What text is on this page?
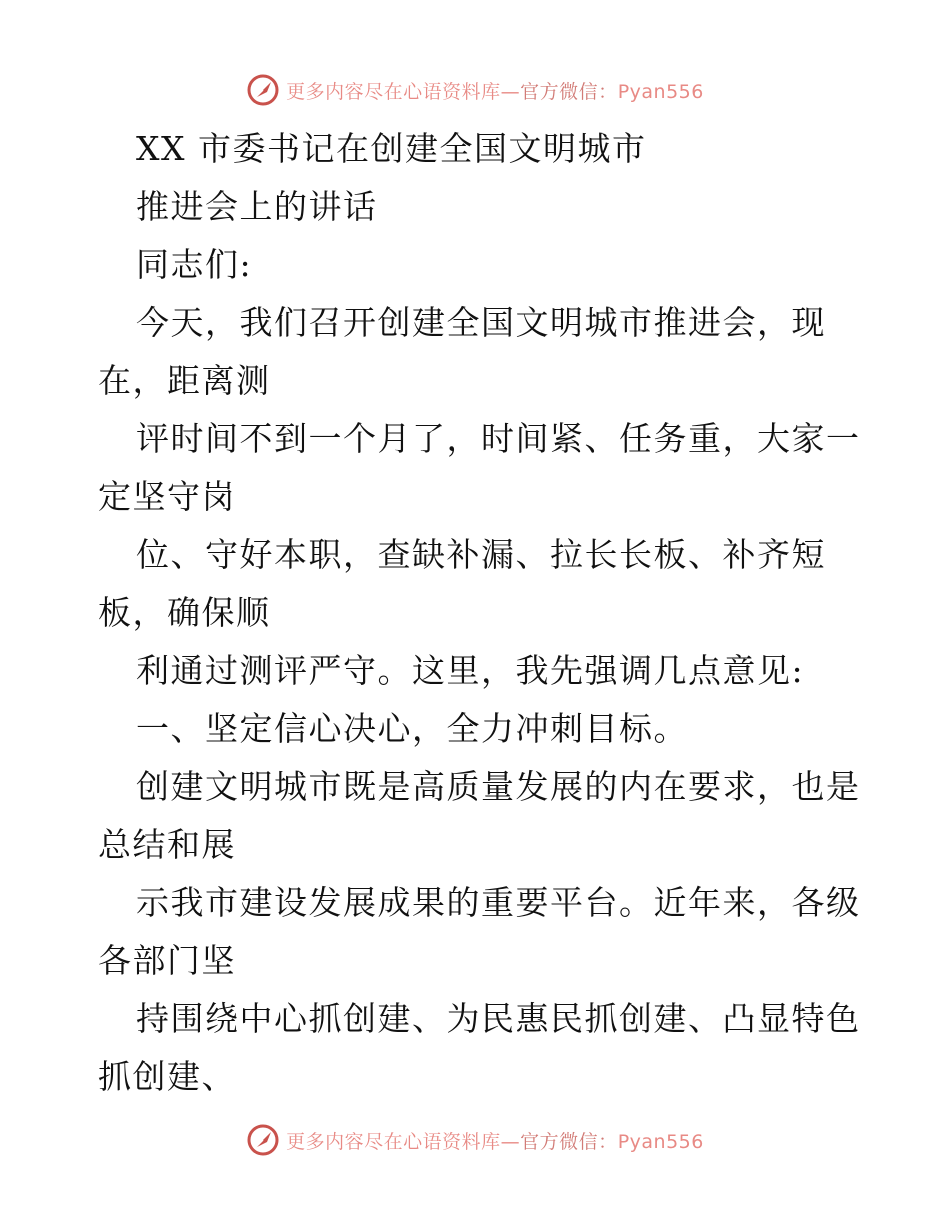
更多内容尽在心语资料库—官方微信：Pyan556
XX 市委书记在创建全国文明城市
推进会上的讲话
同志们:
今天，我们召开创建全国文明城市推进会，现
在，距离测
评时间不到一个月了，时间紧、任务重，大家一
定坚守岗
位、守好本职，查缺补漏、拉长长板、补齐短
板，确保顺
利通过测评严守。这里，我先强调几点意见:
一、坚定信心决心，全力冲刺目标。
创建文明城市既是高质量发展的内在要求，也是
总结和展
示我市建设发展成果的重要平台。近年来，各级
各部门坚
持围绕中心抓创建、为民惠民抓创建、凸显特色
抓创建、
更多内容尽在心语资料库—官方微信：Pyan556
